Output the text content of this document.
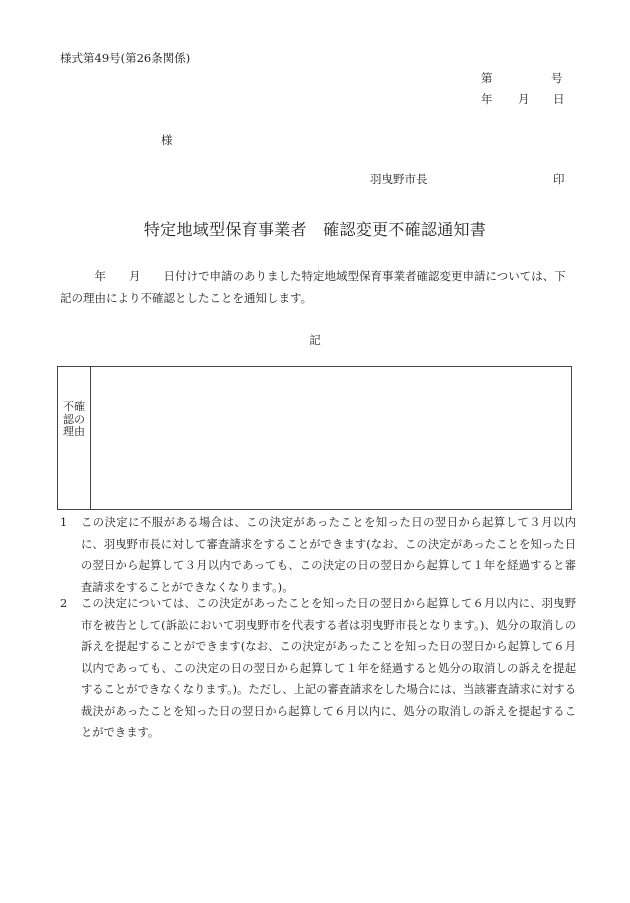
様式第49号(第26条関係)
第	号
年 月 日
様
羽曳野市長	印
特定地域型保育事業者　確認変更不確認通知書
　　　年　　月　　日付けで申請のありました特定地域型保育事業者確認変更申請については、下記の理由により不確認としたことを通知します。
記
不確認の理由
1	この決定に不服がある場合は、この決定があったことを知った日の翌日から起算して３月以内に、羽曳野市長に対して審査請求をすることができます(なお、この決定があったことを知った日の翌日から起算して３月以内であっても、この決定の日の翌日から起算して１年を経過すると審査請求をすることができなくなります。)。
2	この決定については、この決定があったことを知った日の翌日から起算して６月以内に、羽曳野市を被告として(訴訟において羽曳野市を代表する者は羽曳野市長となります。)、処分の取消しの訴えを提起することができます(なお、この決定があったことを知った日の翌日から起算して６月以内であっても、この決定の日の翌日から起算して１年を経過すると処分の取消しの訴えを提起することができなくなります。)。ただし、上記の審査請求をした場合には、当該審査請求に対する裁決があったことを知った日の翌日から起算して６月以内に、処分の取消しの訴えを提起することができます。
